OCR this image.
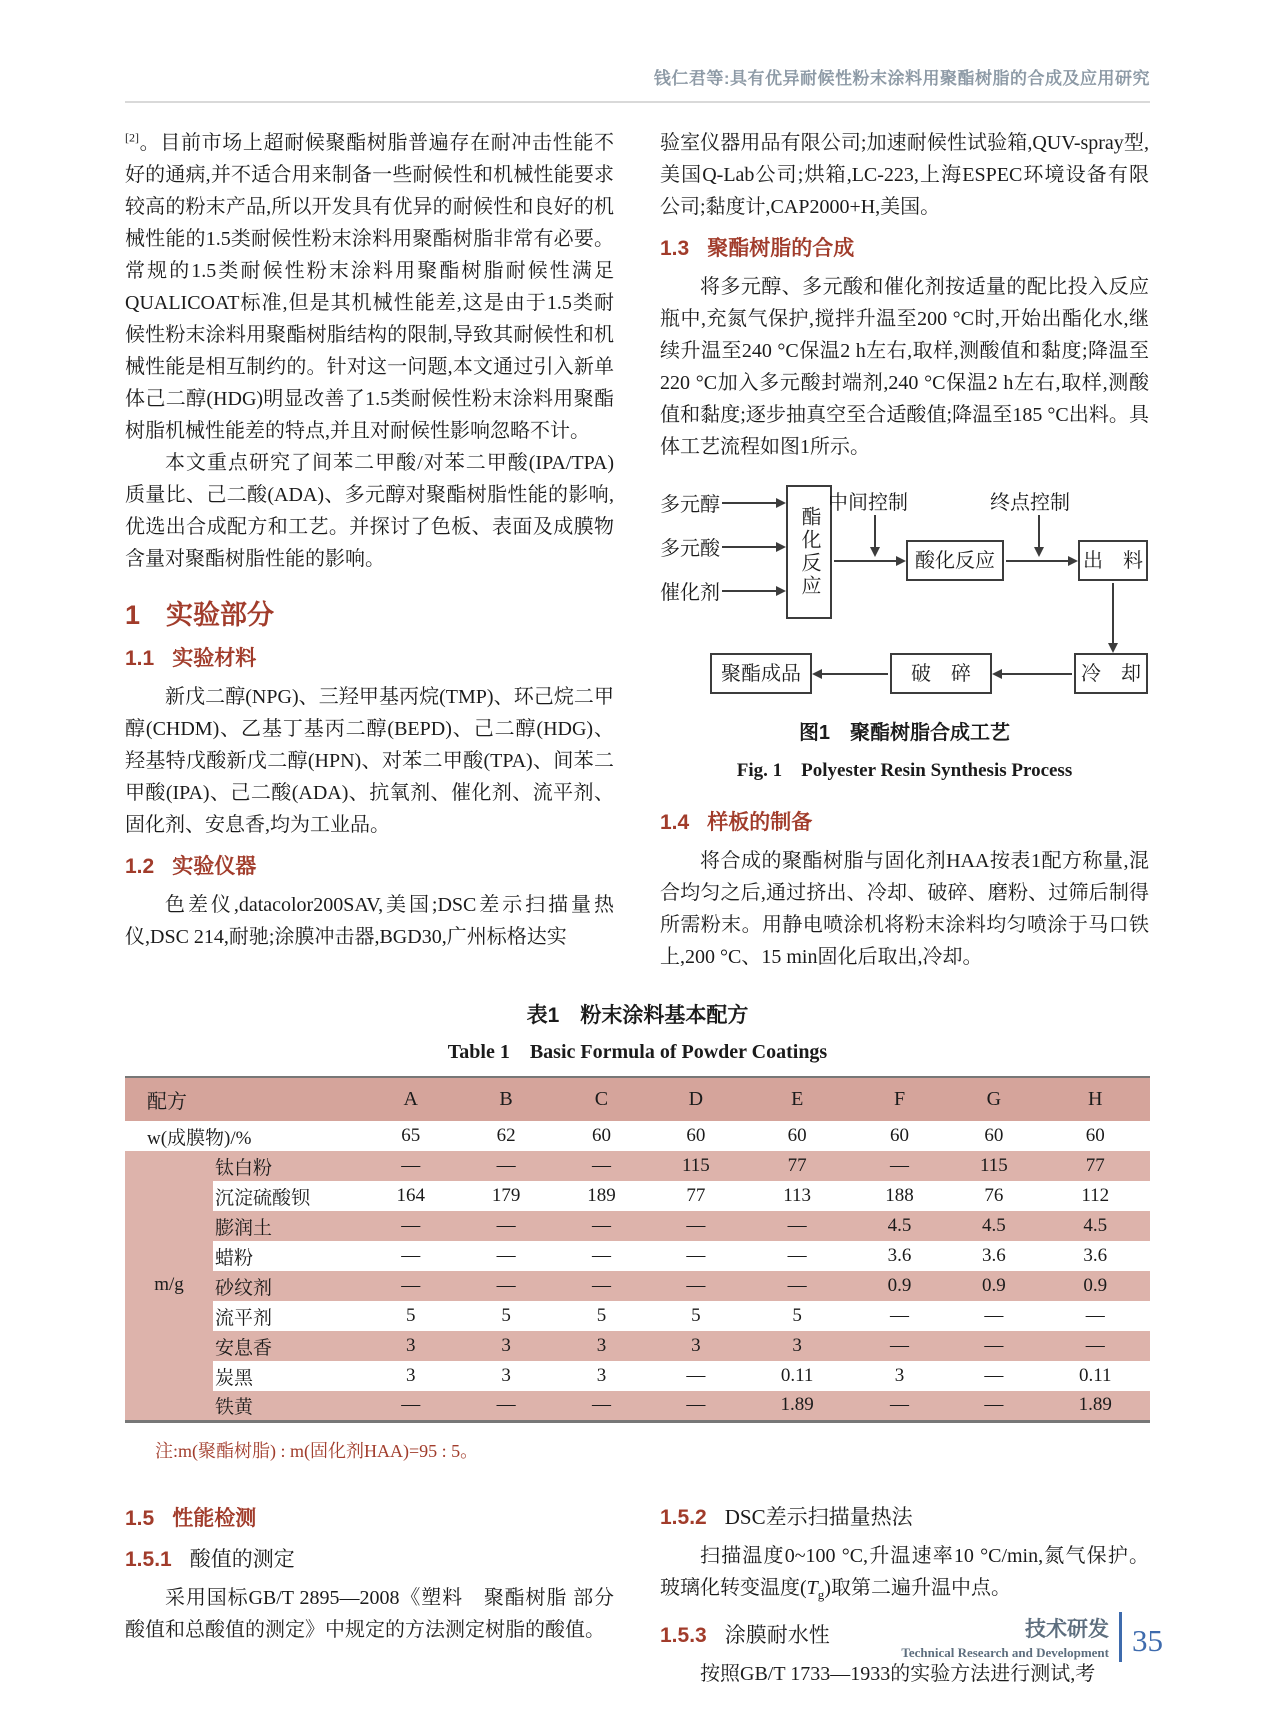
钱仁君等:具有优异耐候性粉末涂料用聚酯树脂的合成及应用研究

[2]。目前市场上超耐候聚酯树脂普遍存在耐冲击性能不好的通病,并不适合用来制备一些耐候性和机械性能要求较高的粉末产品,所以开发具有优异的耐候性和良好的机械性能的1.5类耐候性粉末涂料用聚酯树脂非常有必要。常规的1.5类耐候性粉末涂料用聚酯树脂耐候性满足QUALICOAT标准,但是其机械性能差,这是由于1.5类耐候性粉末涂料用聚酯树脂结构的限制,导致其耐候性和机械性能是相互制约的。针对这一问题,本文通过引入新单体己二醇(HDG)明显改善了1.5类耐候性粉末涂料用聚酯树脂机械性能差的特点,并且对耐候性影响忽略不计。

本文重点研究了间苯二甲酸/对苯二甲酸(IPA/TPA)质量比、己二酸(ADA)、多元醇对聚酯树脂性能的影响,优选出合成配方和工艺。并探讨了色板、表面及成膜物含量对聚酯树脂性能的影响。

1 实验部分
1.1 实验材料

新戊二醇(NPG)、三羟甲基丙烷(TMP)、环己烷二甲醇(CHDM)、乙基丁基丙二醇(BEPD)、己二醇(HDG)、羟基特戊酸新戊二醇(HPN)、对苯二甲酸(TPA)、间苯二甲酸(IPA)、己二酸(ADA)、抗氧剂、催化剂、流平剂、固化剂、安息香,均为工业品。

1.2 实验仪器

色差仪,datacolor200SAV,美国;DSC差示扫描量热仪,DSC 214,耐驰;涂膜冲击器,BGD30,广州标格达实

验室仪器用品有限公司;加速耐候性试验箱,QUV-spray型,美国Q-Lab公司;烘箱,LC-223,上海ESPEC环境设备有限公司;黏度计,CAP2000+H,美国。

1.3 聚酯树脂的合成

将多元醇、多元酸和催化剂按适量的配比投入反应瓶中,充氮气保护,搅拌升温至200 °C时,开始出酯化水,继续升温至240 °C保温2 h左右,取样,测酸值和黏度;降温至220 °C加入多元酸封端剂,240 °C保温2 h左右,取样,测酸值和黏度;逐步抽真空至合适酸值;降温至185 °C出料。具体工艺流程如图1所示。

多元醇
多元酸
催化剂	酯化反应
中间控制
酸化反应
终点控制
出　料
冷　却
破　碎
聚酯成品
图1　聚酯树脂合成工艺
Fig. 1　Polyester Resin Synthesis Process
1.4 样板的制备

将合成的聚酯树脂与固化剂HAA按表1配方称量,混合均匀之后,通过挤出、冷却、破碎、磨粉、过筛后制得所需粉末。用静电喷涂机将粉末涂料均匀喷涂于马口铁上,200 °C、15 min固化后取出,冷却。

表1　粉末涂料基本配方
Table 1　Basic Formula of Powder Coatings
配方		A	B	C	D	E	F	G	H
w(成膜物)/%		65	62	60	60	60	60	60	60
m/g	钛白粉	—	—	—	115	77	—	115	77
	沉淀硫酸钡	164	179	189	77	113	188	76	112
	膨润土	—	—	—	—	—	4.5	4.5	4.5
	蜡粉	—	—	—	—	—	3.6	3.6	3.6
	砂纹剂	—	—	—	—	—	0.9	0.9	0.9
	流平剂	5	5	5	5	5	—	—	—
	安息香	3	3	3	3	3	—	—	—
	炭黑	3	3	3	—	0.11	3	—	0.11
	铁黄	—	—	—	—	1.89	—	—	1.89
注:m(聚酯树脂) : m(固化剂HAA)=95 : 5。
1.5 性能检测
1.5.1 酸值的测定

采用国标GB/T 2895—2008《塑料　聚酯树脂 部分酸值和总酸值的测定》中规定的方法测定树脂的酸值。

1.5.2 DSC差示扫描量热法

扫描温度0~100 °C,升温速率10 °C/min,氮气保护。玻璃化转变温度$(T_g)$取第二遍升温中点。

1.5.3 涂膜耐水性

按照GB/T 1733—1933的实验方法进行测试,考

技术研发
Technical Research and Development 35
